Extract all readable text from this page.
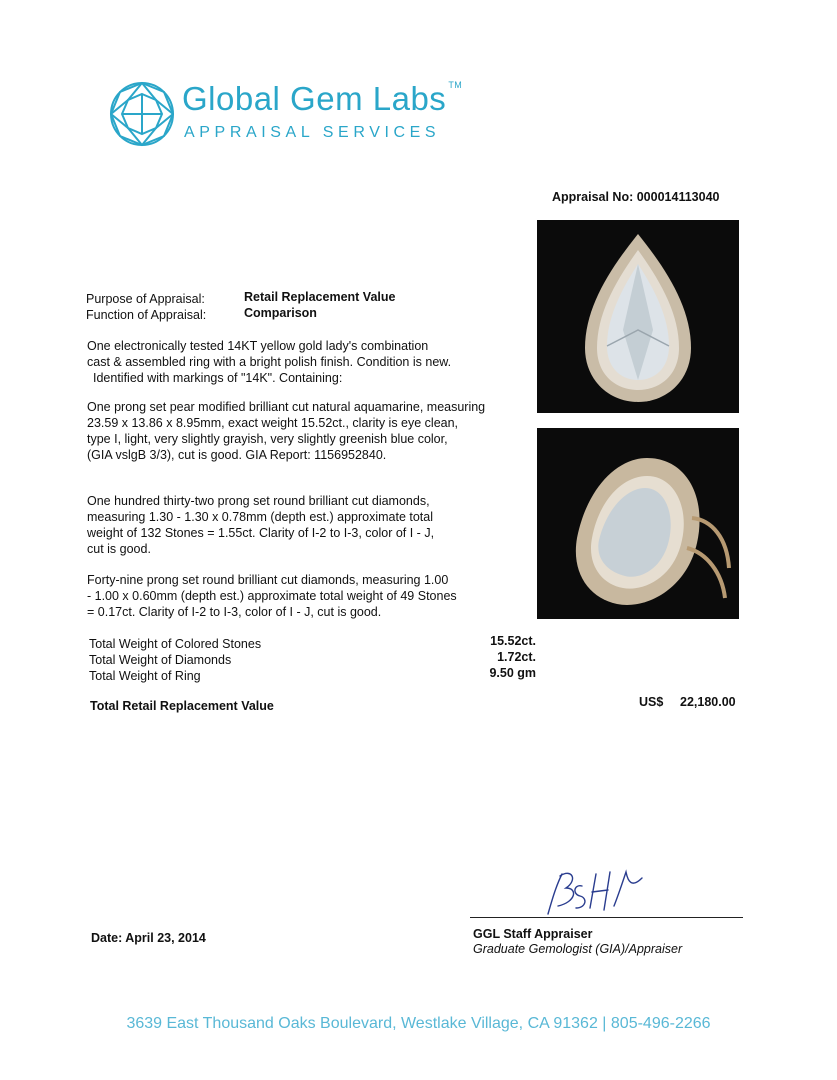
Global Gem Labs ™
APPRAISAL SERVICES
Appraisal No: 000014113040
Purpose of Appraisal:	Retail Replacement Value
Function of Appraisal:	Comparison
One electronically tested 14KT yellow gold lady's combination
cast & assembled ring with a bright polish finish. Condition is new.
Identified with markings of "14K". Containing:
One prong set pear modified brilliant cut natural aquamarine, measuring
23.59 x 13.86 x 8.95mm, exact weight 15.52ct., clarity is eye clean,
type I, light, very slightly grayish, very slightly greenish blue color,
(GIA vslgB 3/3), cut is good. GIA Report: 1156952840.
One hundred thirty-two prong set round brilliant cut diamonds,
measuring 1.30 - 1.30 x 0.78mm (depth est.) approximate total
weight of 132 Stones = 1.55ct. Clarity of I-2 to I-3, color of I - J,
cut is good.
Forty-nine prong set round brilliant cut diamonds, measuring 1.00
- 1.00 x 0.60mm (depth est.) approximate total weight of 49 Stones
= 0.17ct. Clarity of I-2 to I-3, color of I - J, cut is good.
Total Weight of Colored Stones	15.52ct.
Total Weight of Diamonds	1.72ct.
Total Weight of Ring	9.50 gm
Total Retail Replacement Value	US$ 22,180.00
GGL Staff Appraiser
Graduate Gemologist (GIA)/Appraiser
Date: April 23, 2014
3639 East Thousand Oaks Boulevard, Westlake Village, CA 91362 | 805-496-2266
